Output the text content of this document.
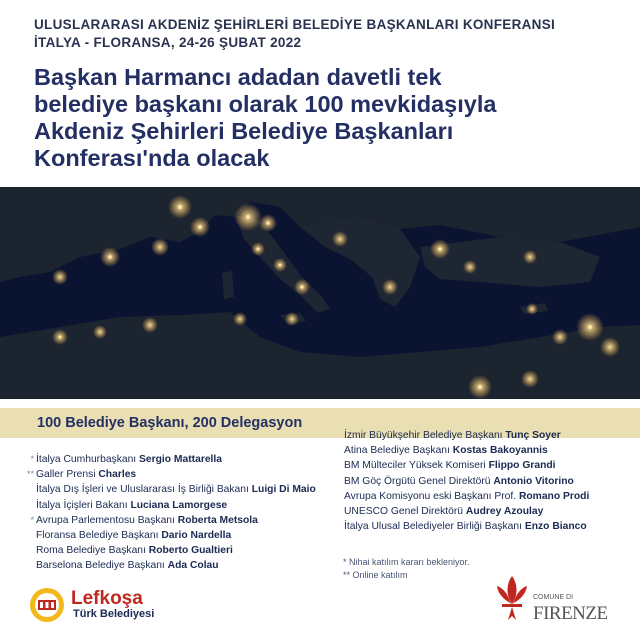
ULUSLARARASI AKDENİZ ŞEHİRLERİ BELEDİYE BAŞKANLARI KONFERANSI
İTALYA - FLORANSA, 24-26 ŞUBAT 2022
Başkan Harmancı adadan davetli tek
belediye başkanı olarak 100 mevkidaşıyla
Akdeniz Şehirleri Belediye Başkanları
Konferası'nda olacak
100 Belediye Başkanı, 200 Delegasyon
* İtalya Cumhurbaşkanı Sergio Mattarella
** Galler Prensi Charles
İtalya Dış İşleri ve Uluslararası İş Birliği Bakanı Luigi Di Maio
İtalya İçişleri Bakanı Luciana Lamorgese
* Avrupa Parlementosu Başkanı Roberta Metsola
Floransa Belediye Başkanı Dario Nardella
Roma Belediye Başkanı Roberto Gualtieri
Barselona Belediye Başkanı Ada Colau
İzmir Büyükşehir Belediye Başkanı Tunç Soyer
Atina Belediye Başkanı Kostas Bakoyannis
BM Mülteciler Yüksek Komiseri Flippo Grandi
BM Göç Örgütü Genel Direktörü Antonio Vitorino
Avrupa Komisyonu eski Başkanı Prof. Romano Prodi
UNESCO Genel Direktörü Audrey Azoulay
İtalya Ulusal Belediyeler Birliği Başkanı Enzo Bianco
* Nihai katılım kararı bekleniyor.
** Online katılım
Lefkoşa
Türk Belediyesi
COMUNE DI
FIRENZE
